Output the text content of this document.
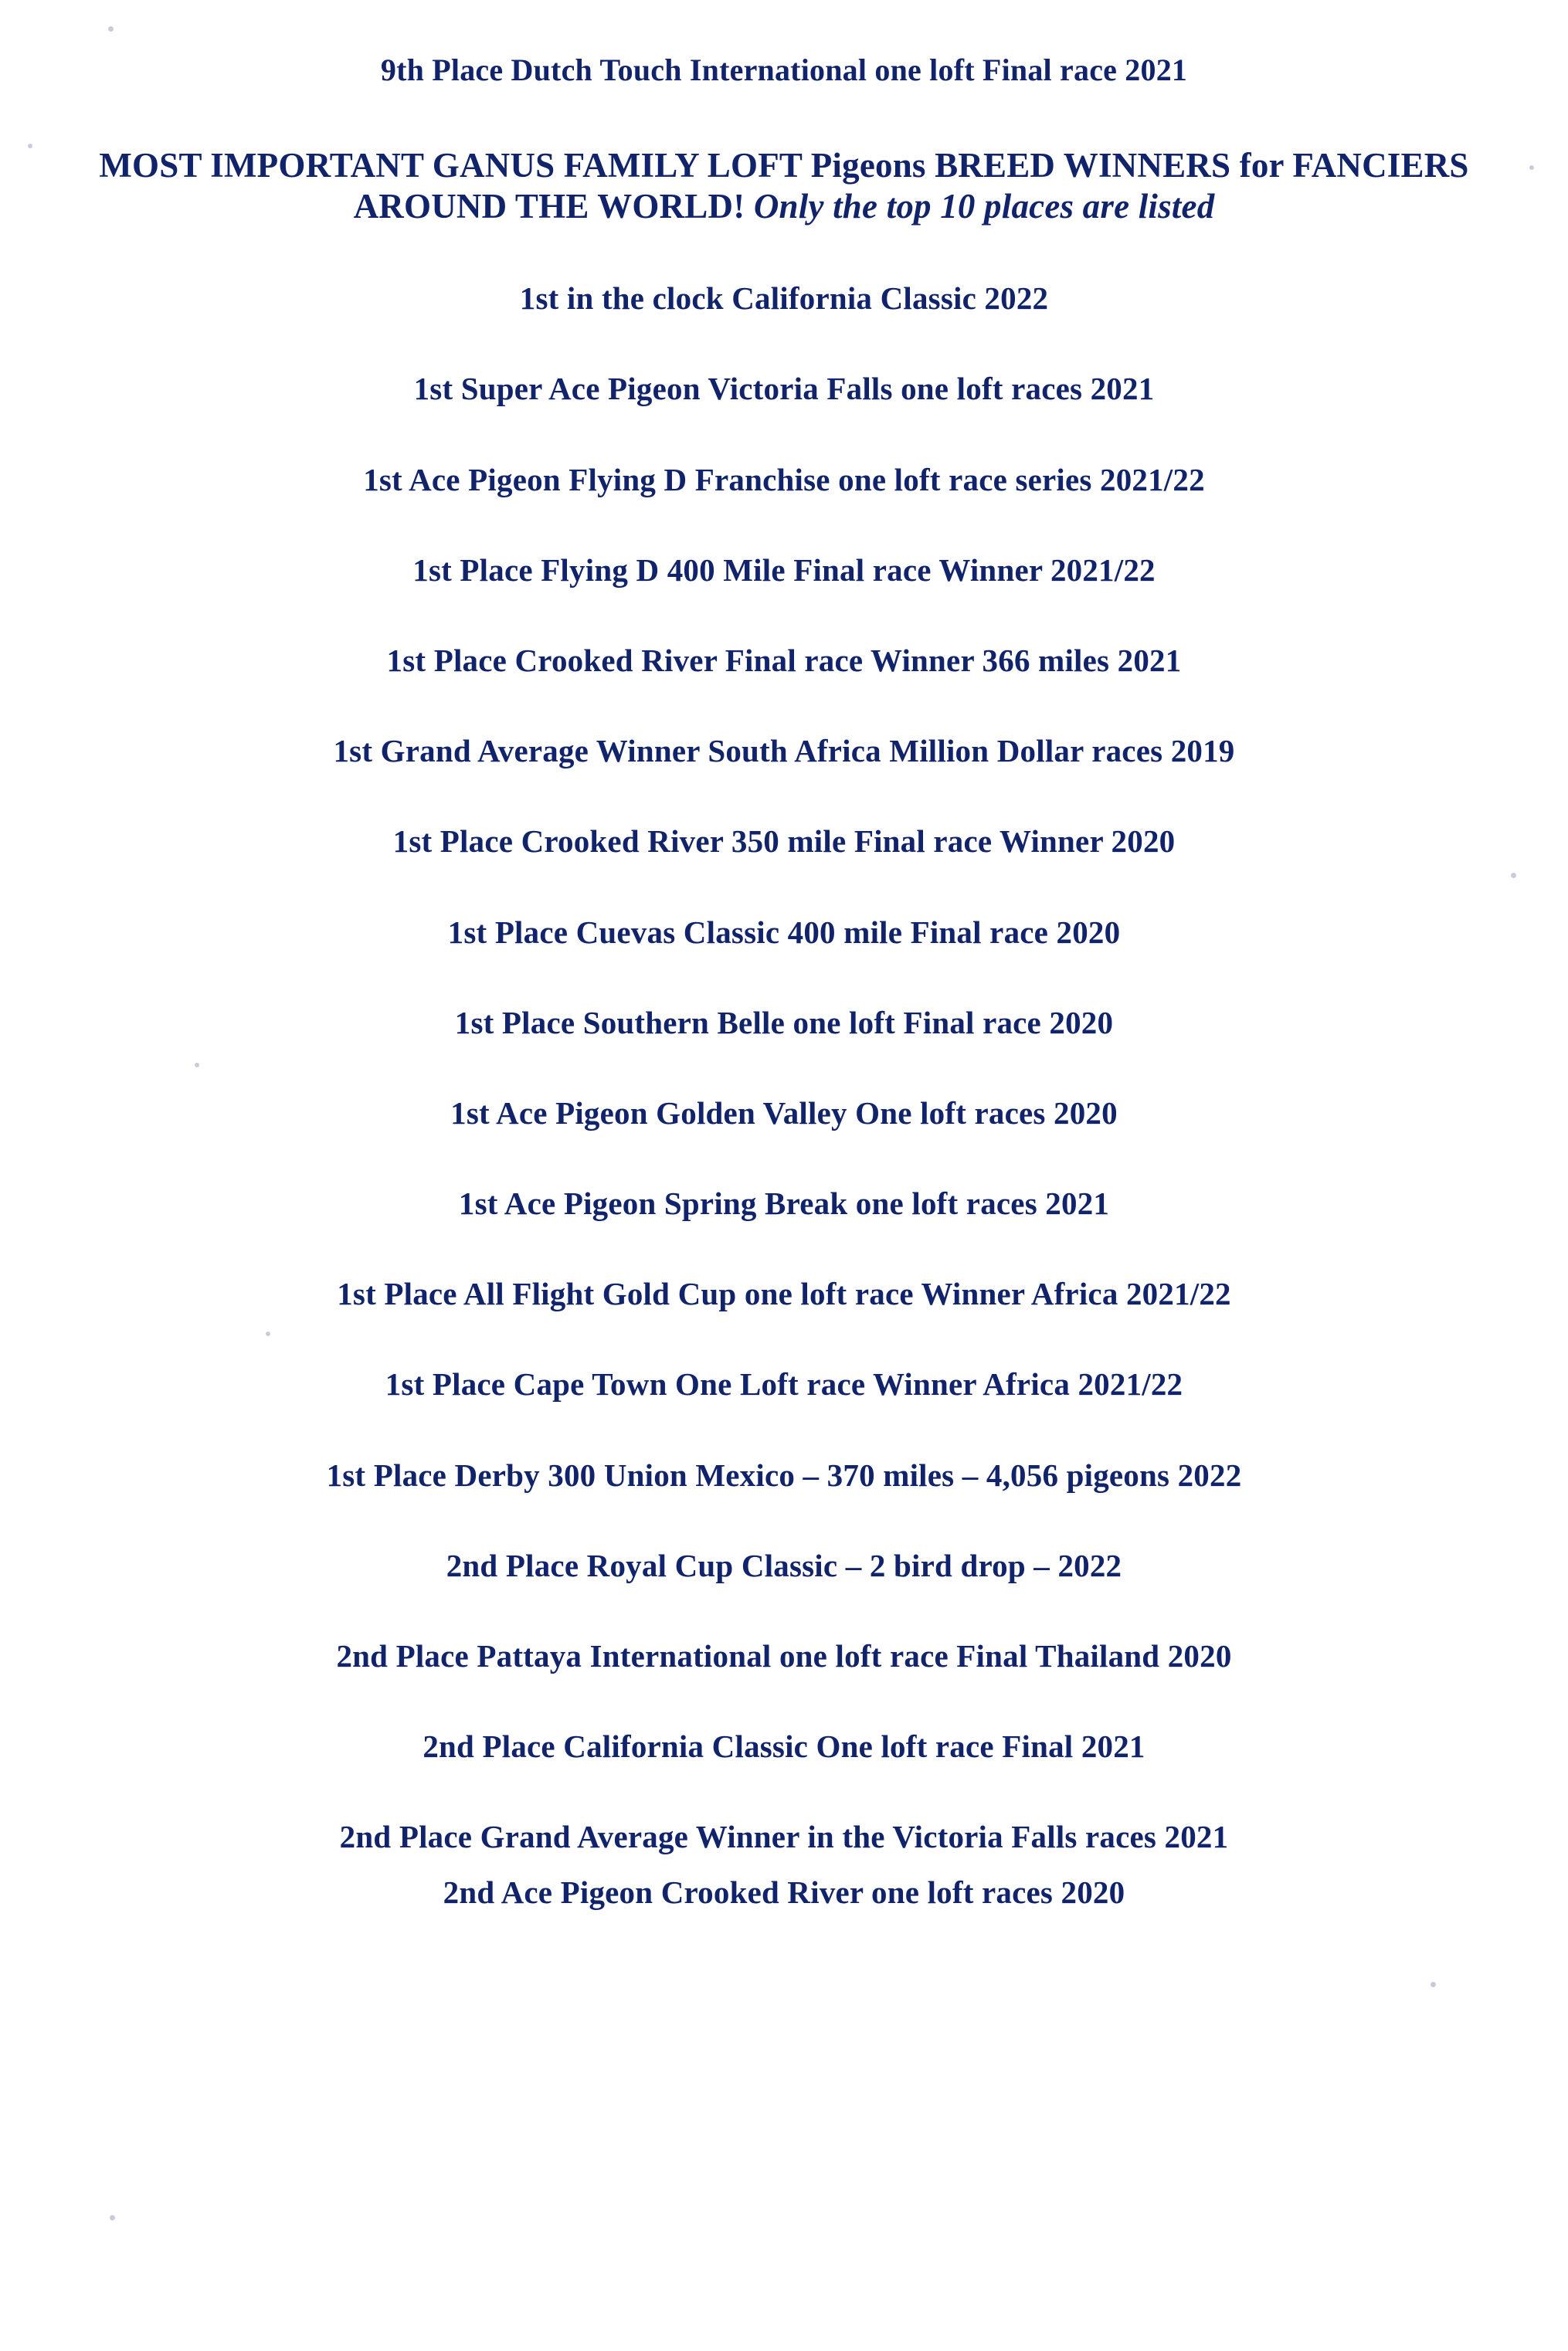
9th Place Dutch Touch International one loft Final race 2021
MOST IMPORTANT GANUS FAMILY LOFT Pigeons BREED WINNERS for FANCIERS AROUND THE WORLD! Only the top 10 places are listed
1st in the clock California Classic 2022
1st Super Ace Pigeon Victoria Falls one loft races 2021
1st Ace Pigeon Flying D Franchise one loft race series 2021/22
1st Place Flying D 400 Mile Final race Winner 2021/22
1st Place Crooked River Final race Winner 366 miles 2021
1st Grand Average Winner South Africa Million Dollar races 2019
1st Place Crooked River 350 mile Final race Winner 2020
1st Place Cuevas Classic 400 mile Final race 2020
1st Place Southern Belle one loft Final race 2020
1st Ace Pigeon Golden Valley One loft races 2020
1st Ace Pigeon Spring Break one loft races 2021
1st Place All Flight Gold Cup one loft race Winner Africa 2021/22
1st Place Cape Town One Loft race Winner Africa 2021/22
1st Place Derby 300 Union Mexico – 370 miles – 4,056 pigeons 2022
2nd Place Royal Cup Classic – 2 bird drop – 2022
2nd Place Pattaya International one loft race Final Thailand 2020
2nd Place California Classic One loft race Final 2021
2nd Place Grand Average Winner in the Victoria Falls races 2021
2nd Ace Pigeon Crooked River one loft races 2020
